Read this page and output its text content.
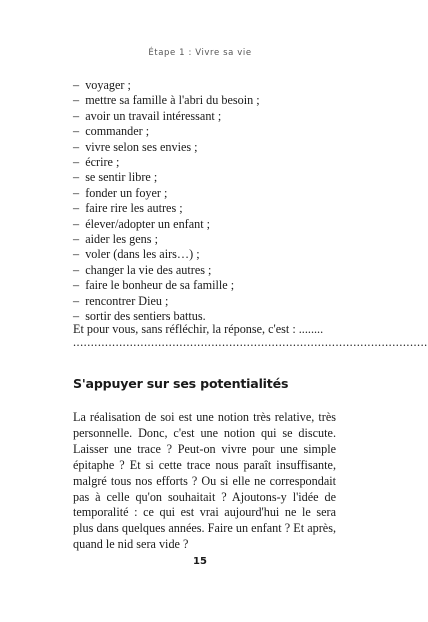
Étape 1 : Vivre sa vie
–  voyager ;
–  mettre sa famille à l'abri du besoin ;
–  avoir un travail intéressant ;
–  commander ;
–  vivre selon ses envies ;
–  écrire ;
–  se sentir libre ;
–  fonder un foyer ;
–  faire rire les autres ;
–  élever/adopter un enfant ;
–  aider les gens ;
–  voler (dans les airs…) ;
–  changer la vie des autres ;
–  faire le bonheur de sa famille ;
–  rencontrer Dieu ;
–  sortir des sentiers battus.
Et pour vous, sans réfléchir, la réponse, c'est : ........
....................................................................................................
S'appuyer sur ses potentialités

La réalisation de soi est une notion très relative, très personnelle. Donc, c'est une notion qui se discute. Laisser une trace ? Peut-on vivre pour une simple épitaphe ? Et si cette trace nous paraît insuffisante, malgré tous nos efforts ? Ou si elle ne correspondait pas à celle qu'on souhaitait ? Ajoutons-y l'idée de temporalité : ce qui est vrai aujourd'hui ne le sera plus dans quelques années. Faire un enfant ? Et après, quand le nid sera vide ?

15
